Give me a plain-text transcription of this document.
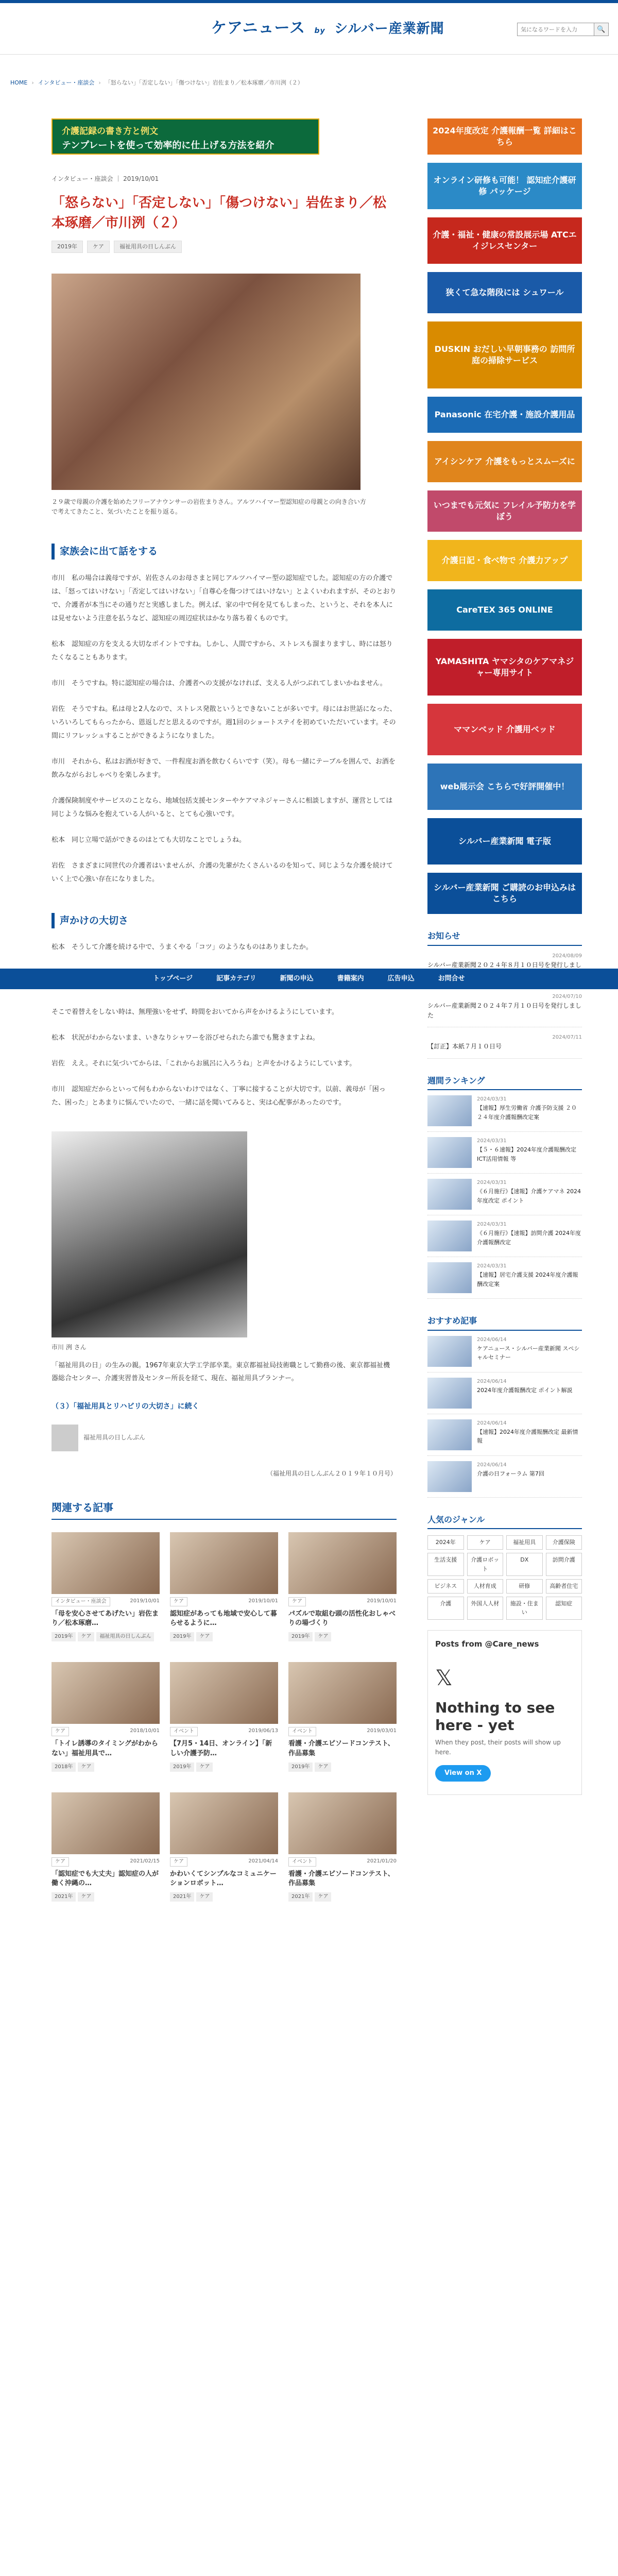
ケアニュース by シルバー産業新聞
気になるワードを入力	🔍
HOME › インタビュー・座談会 › 「怒らない」「否定しない」「傷つけない」岩佐まり／松本琢磨／市川洌（２）
介護記録の書き方と例文
テンプレートを使って効率的に仕上げる方法を紹介
インタビュー・座談会 ｜ 2019/10/01
「怒らない」「否定しない」「傷つけない」岩佐まり／松本琢磨／市川洌（２）
2019年	ケア	福祉用具の日しんぶん

２９歳で母親の介護を始めたフリーアナウンサーの岩佐まりさん。アルツハイマー型認知症の母親との向き合い方で考えてきたこと、気づいたことを振り返る。

家族会に出て話をする

市川　私の場合は義母ですが、岩佐さんのお母さまと同じアルツハイマー型の認知症でした。認知症の方の介護では、「怒ってはいけない」「否定してはいけない」「自尊心を傷つけてはいけない」とよくいわれますが、そのとおりで、介護者が本当にその通りだと実感しました。例えば、家の中で何を見てもしまった、というと、それを本人には見せないよう注意を払うなど、認知症の周辺症状はかなり落ち着くものです。

松本　認知症の方を支える大切なポイントですね。しかし、人間ですから、ストレスも溜まりますし、時には怒りたくなることもあります。

市川　そうですね。特に認知症の場合は、介護者への支援がなければ、支える人がつぶれてしまいかねません。

岩佐　そうですね。私は母と2人なので、ストレス発散というとできないことが多いです。母にはお世話になった、いろいろしてもらったから、恩返しだと思えるのですが。週1回のショートステイを初めていただいています。その間にリフレッシュすることができるようになりました。

市川　それから、私はお酒が好きで、一件程度お酒を飲むくらいです（笑）。母も一緒にテーブルを囲んで、お酒を飲みながらおしゃべりを楽しみます。

介護保険制度やサービスのことなら、地域包括支援センターやケアマネジャーさんに相談しますが、運営としては同じような悩みを抱えている人がいると、とても心強いです。

松本　同じ立場で話ができるのはとても大切なことでしょうね。

岩佐　さまざまに同世代の介護者はいませんが、介護の先輩がたくさんいるのを知って、同じような介護を続けていく上で心強い存在になりました。

声かけの大切さ

松本　そうして介護を続ける中で、うまくやる「コツ」のようなものはありましたか。

そこで着替えをしない時は、無理強いをせず、時間をおいてから声をかけるようにしています。

松本　状況がわからないまま、いきなりシャワーを浴びせられたら誰でも驚きますよね。

岩佐　ええ。それに気づいてからは、「これからお風呂に入ろうね」と声をかけるようにしています。

市川　認知症だからといって何もわからないわけではなく、丁寧に接することが大切です。以前、義母が「困った、困った」とあまりに悩んでいたので、一緒に話を聞いてみると、実は心配事があったのです。

市川 洌 さん

「福祉用具の日」の生みの親。1967年東京大学工学部卒業。東京都福祉局技術職として勤務の後、東京都福祉機器総合センター、介護実習普及センター所長を経て、現在、福祉用具プランナー。

（３）「福祉用具とリハビリの大切さ」に続く
福祉用具の日しんぶん
（福祉用具の日しんぶん２０１９年１０月号）
関連する記事
インタビュー・座談会	2019/10/01
「母を安心させてあげたい」岩佐まり／松本琢磨…
2019年	ケア	福祉用具の日しんぶん
ケア	2019/10/01
認知症があっても地域で安心して暮らせるように…
2019年	ケア
ケア	2019/10/01
パズルで取組む頭の活性化おしゃべりの場づくり
2019年	ケア
ケア	2018/10/01
「トイレ誘導のタイミングがわからない」福祉用具で…
2018年	ケア
イベント	2019/06/13
【7月5・14日、オンライン】「新しい介護予防…
2019年	ケア
イベント	2019/03/01
看護・介護エピソードコンテスト、作品募集
2019年	ケア
ケア	2021/02/15
「認知症でも大丈夫」認知症の人が働く沖縄の…
2021年	ケア
ケア	2021/04/14
かわいくてシンプルなコミュニケーションロボット…
2021年	ケア
イベント	2021/01/20
看護・介護エピソードコンテスト、作品募集
2021年	ケア
2024年度改定 介護報酬一覧 詳細はこちら
オンライン研修も可能！ 認知症介護研修 パッケージ
介護・福祉・健康の常設展示場 ATCエイジレスセンター
狭くて急な階段には シュワール
DUSKIN おだしい早朝事務の 訪問所庭の掃除サービス
Panasonic 在宅介護・施設介護用品
アイシンケア 介護をもっとスムーズに
いつまでも元気に フレイル予防力を学ぼう
介護日記・食べ物で 介護力アップ
CareTEX 365 ONLINE
YAMASHITA ヤマシタのケアマネジャー専用サイト
ママンベッド 介護用ベッド
web展示会 こちらで好評開催中！
シルバー産業新聞 電子版
シルバー産業新聞 ご購読のお申込みはこちら
お知らせ
2024/08/09
シルバー産業新聞２０２４年８月１０日号を発行しまし
2024/07/10
シルバー産業新聞２０２４年７月１０日号を発行しました
2024/07/11
【訂正】本紙７月１０日号
週間ランキング
2024/03/31
【速報】厚生労働省 介護予防支援 ２０２４年度介護報酬改定案
2024/03/31
【５・６速報】2024年度介護報酬改定 ICT活用情報 等
2024/03/31
《６月施行》【速報】介護ケアマネ 2024年度改定 ポイント
2024/03/31
《６月施行》【速報】訪問介護 2024年度介護報酬改定
2024/03/31
【速報】居宅介護支援 2024年度介護報酬改定案
おすすめ記事
2024/06/14
ケアニュース・シルバー産業新聞 スペシャルセミナー
2024/06/14
2024年度介護報酬改定 ポイント解説
2024/06/14
【速報】2024年度介護報酬改定 最新情報
2024/06/14
介護の日フォーラム 第7回
人気のジャンル
2024年	ケア	福祉用具	介護保険
生活支援	介護ロボット
DX	訪問介護
ビジネス	人材育成	研修	高齢者住宅
介護	外国人人材	施設・住まい
認知症
Posts from @Care_news
𝕏
Nothing to see here - yet
When they post, their posts will show up here.
View on X
トップページ	記事カテゴリ	新聞の申込	書籍案内	広告申込	お問合せ
